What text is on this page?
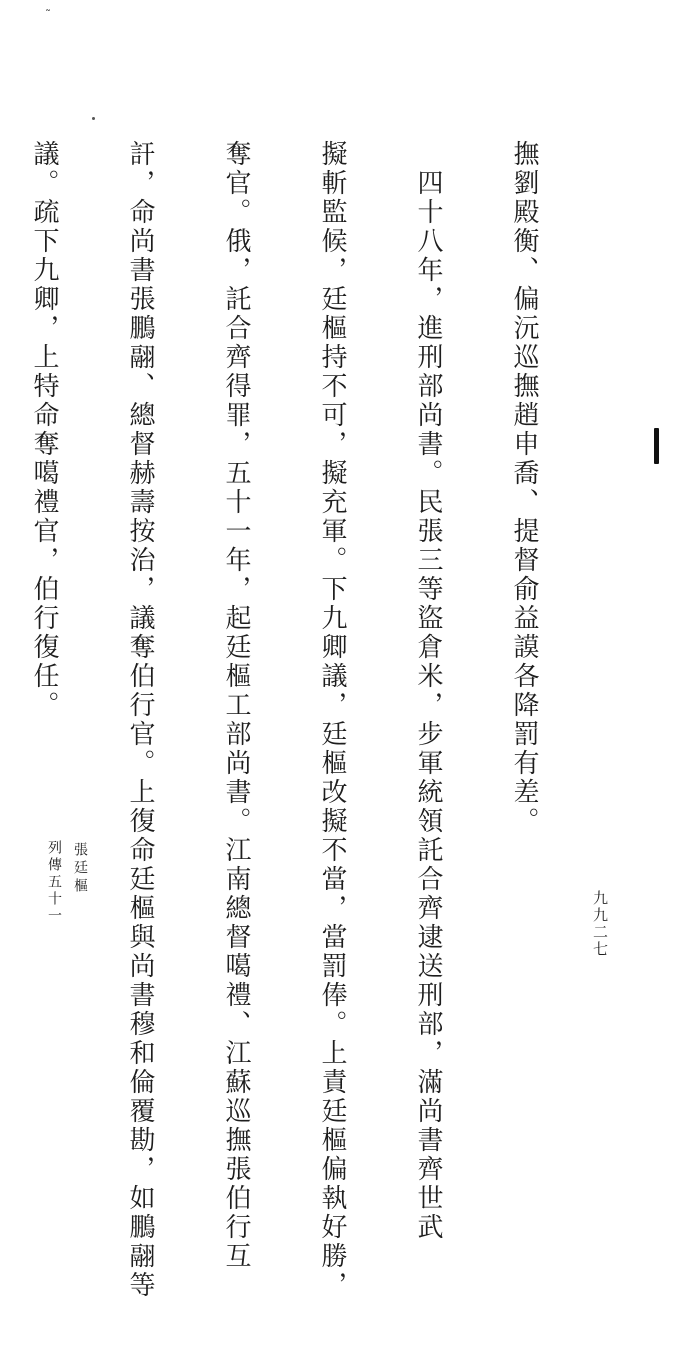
˜

撫劉殿衡、偏沅巡撫趙申喬、提督俞益謨各降罰有差。

　四十八年，進刑部尚書。民張三等盜倉米，步軍統領託合齊逮送刑部，滿尚書齊世武

擬斬監候，廷樞持不可，擬充軍。下九卿議，廷樞改擬不當，當罰俸。上責廷樞偏執好勝，

奪官。俄，託合齊得罪，五十一年，起廷樞工部尚書。江南總督噶禮、江蘇巡撫張伯行互

訐，命尚書張鵬翮、總督赫壽按治，議奪伯行官。上復命廷樞與尚書穆和倫覆勘，如鵬翮等

議。疏下九卿，上特命奪噶禮官，伯行復任。

九九二七
列傳五十一 張廷樞
